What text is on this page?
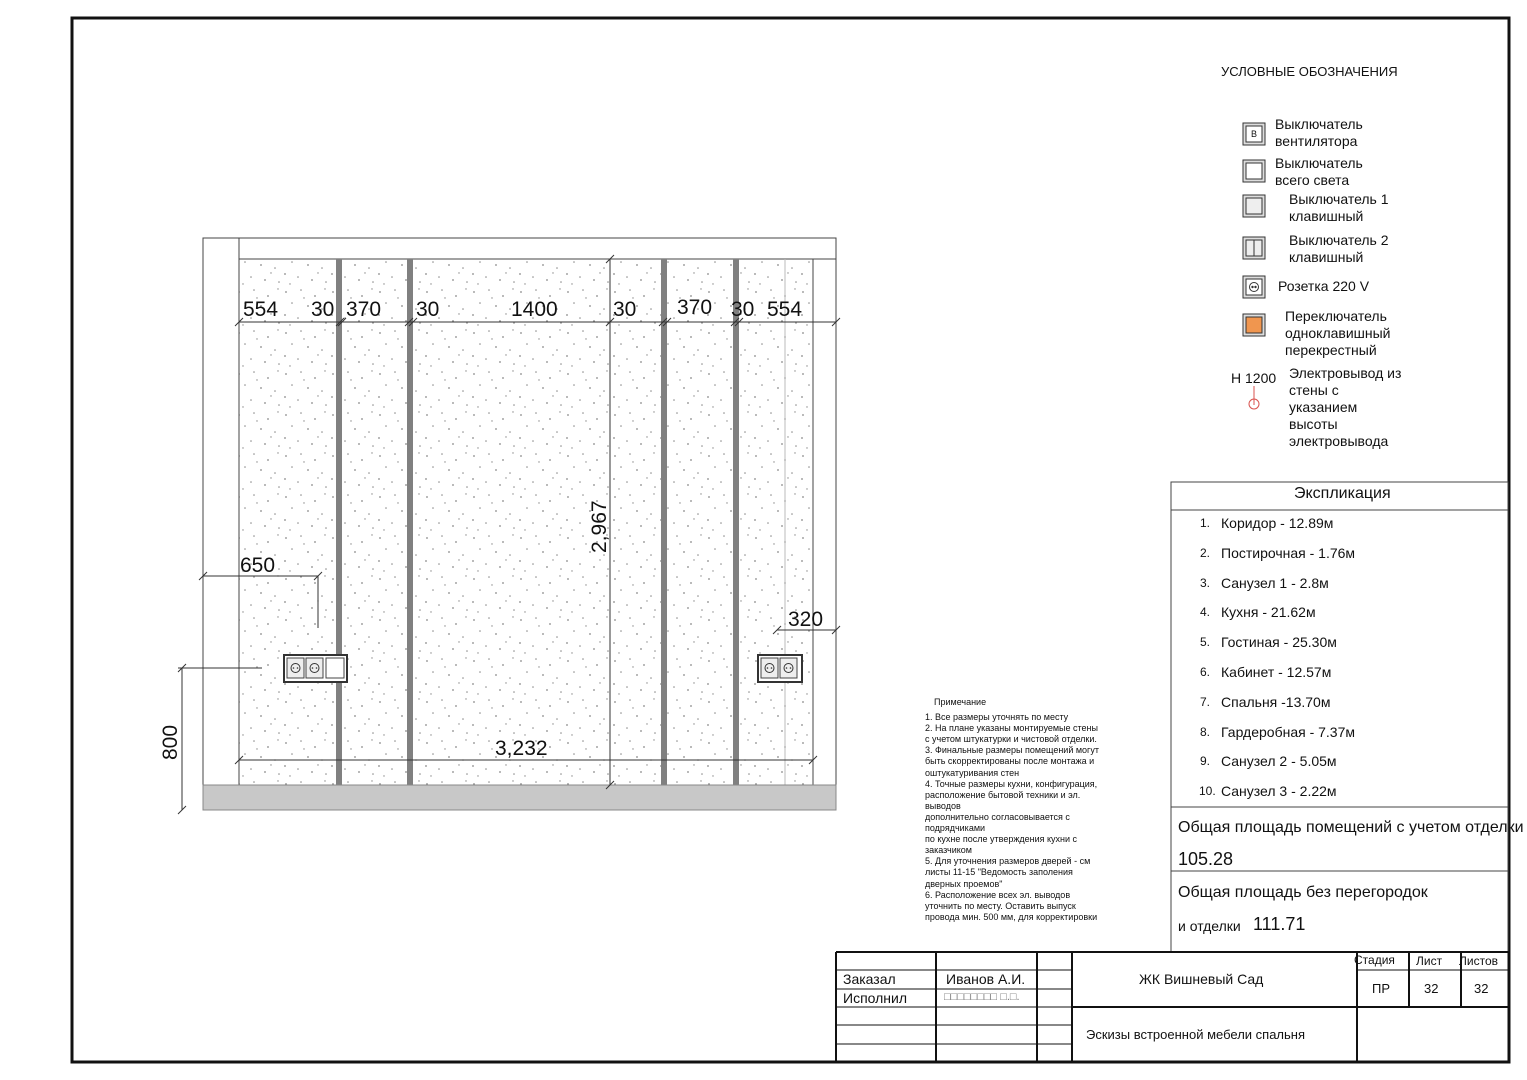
554 30 370 30	1400	30 370 30 554
2,967
3,232
650
320
800
УСЛОВНЫЕ ОБОЗНАЧЕНИЯ
В
Выключатель вентилятора
Выключатель всего света
Выключатель 1 клавишный
Выключатель 2 клавишный
Розетка 220 V
Переключатель одноклавишный перекрестный
H 1200 Электровывод из стены с указанием высоты электровывода
Примечание
1. Все размеры уточнять по месту
2. На плане указаны монтируемые стены
с учетом штукатурки и чистовой отделки.
3. Финальные размеры помещений могут
быть скорректированы после монтажа и
оштукатуривания стен
4. Точные размеры кухни, конфигурация,
расположение бытовой техники и эл.
выводов
дополнительно согласовывается с
подрядчиками
по кухне после утверждения кухни с
заказчиком
5. Для уточнения размеров дверей - см
листы 11-15 "Ведомость заполения
дверных проемов"
6. Расположение всех эл. выводов
уточнить по месту. Оставить выпуск
провода мин. 500 мм, для корректировки
Экспликация
1. Коридор - 12.89м
2. Постирочная - 1.76м
3. Санузел 1 - 2.8м
4. Кухня - 21.62м
5. Гостиная - 25.30м
6. Кабинет - 12.57м
7. Спальня -13.70м
8. Гардеробная - 7.37м
9. Санузел 2 - 5.05м
10. Санузел 3 - 2.22м
Общая площадь помещений с учетом отделки
105.28
Общая площадь без перегородок
и отделки 111.71
Заказал	Иванов А.И.
Исполнил	□□□□□□□□ □.□.
ЖК Вишневый Сад
Эскизы встроенной мебели спальня
Стадия Лист Листов
ПР	32	32
